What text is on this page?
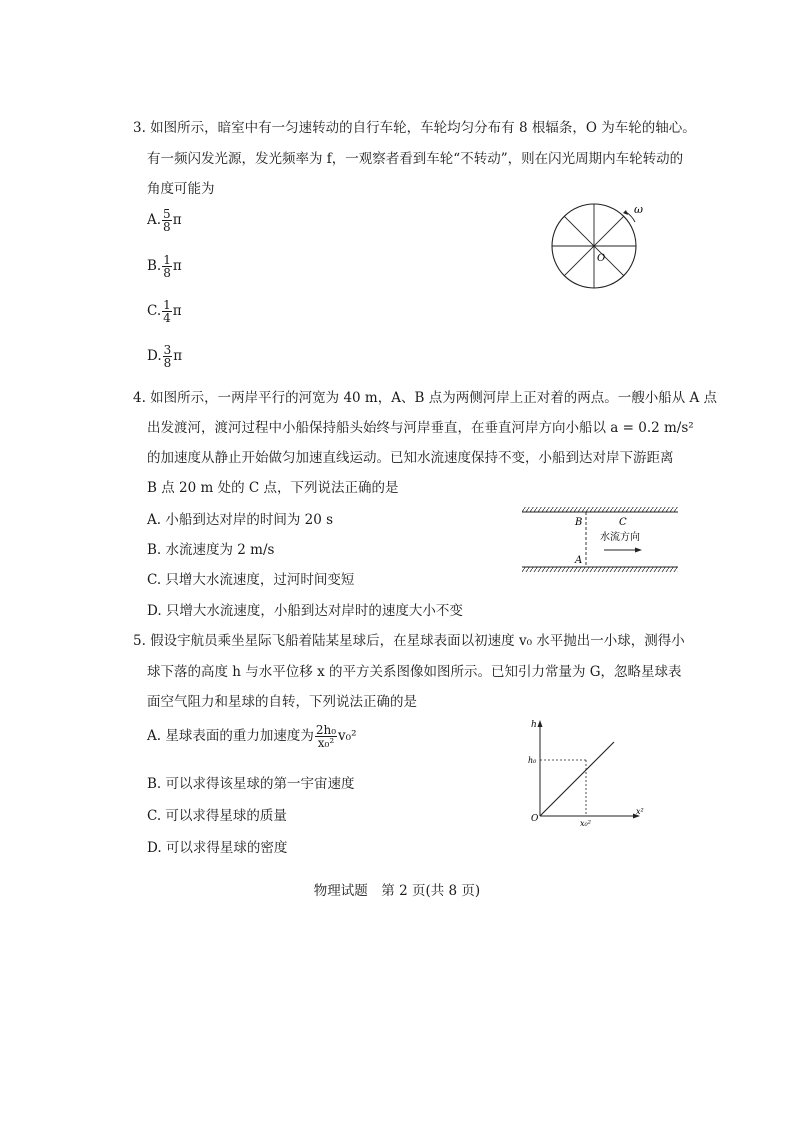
3. 如图所示，暗室中有一匀速转动的自行车轮，车轮均匀分布有 8 根辐条，O 为车轮的轴心。
有一频闪发光源，发光频率为 f，一观察者看到车轮“不转动”，则在闪光周期内车轮转动的
角度可能为
A. $\frac{5}{8}$ π
B. $\frac{1}{8}$ π
C. $\frac{1}{4}$ π
D. $\frac{3}{8}$ π
ω
O
4. 如图所示，一两岸平行的河宽为 40 m，A、B 点为两侧河岸上正对着的两点。一艘小船从 A 点
出发渡河，渡河过程中小船保持船头始终与河岸垂直，在垂直河岸方向小船以 a = 0.2 m/s²
的加速度从静止开始做匀加速直线运动。已知水流速度保持不变，小船到达对岸下游距离
B 点 20 m 处的 C 点，下列说法正确的是
A. 小船到达对岸的时间为 20 s
B. 水流速度为 2 m/s
C. 只增大水流速度，过河时间变短
D. 只增大水流速度，小船到达对岸时的速度大小不变
B	C
A
水流方向
5. 假设宇航员乘坐星际飞船着陆某星球后，在星球表面以初速度 v₀ 水平抛出一小球，测得小
球下落的高度 h 与水平位移 x 的平方关系图像如图所示。已知引力常量为 G，忽略星球表
面空气阻力和星球的自转，下列说法正确的是
A. 星球表面的重力加速度为 $\frac{\text{2h₀}}{\text{x₀²}} v_0^2$
B. 可以求得该星球的第一宇宙速度
C. 可以求得星球的质量
D. 可以求得星球的密度
h
x²
h₀
x₀²
O
物理试题　第 2 页(共 8 页)
